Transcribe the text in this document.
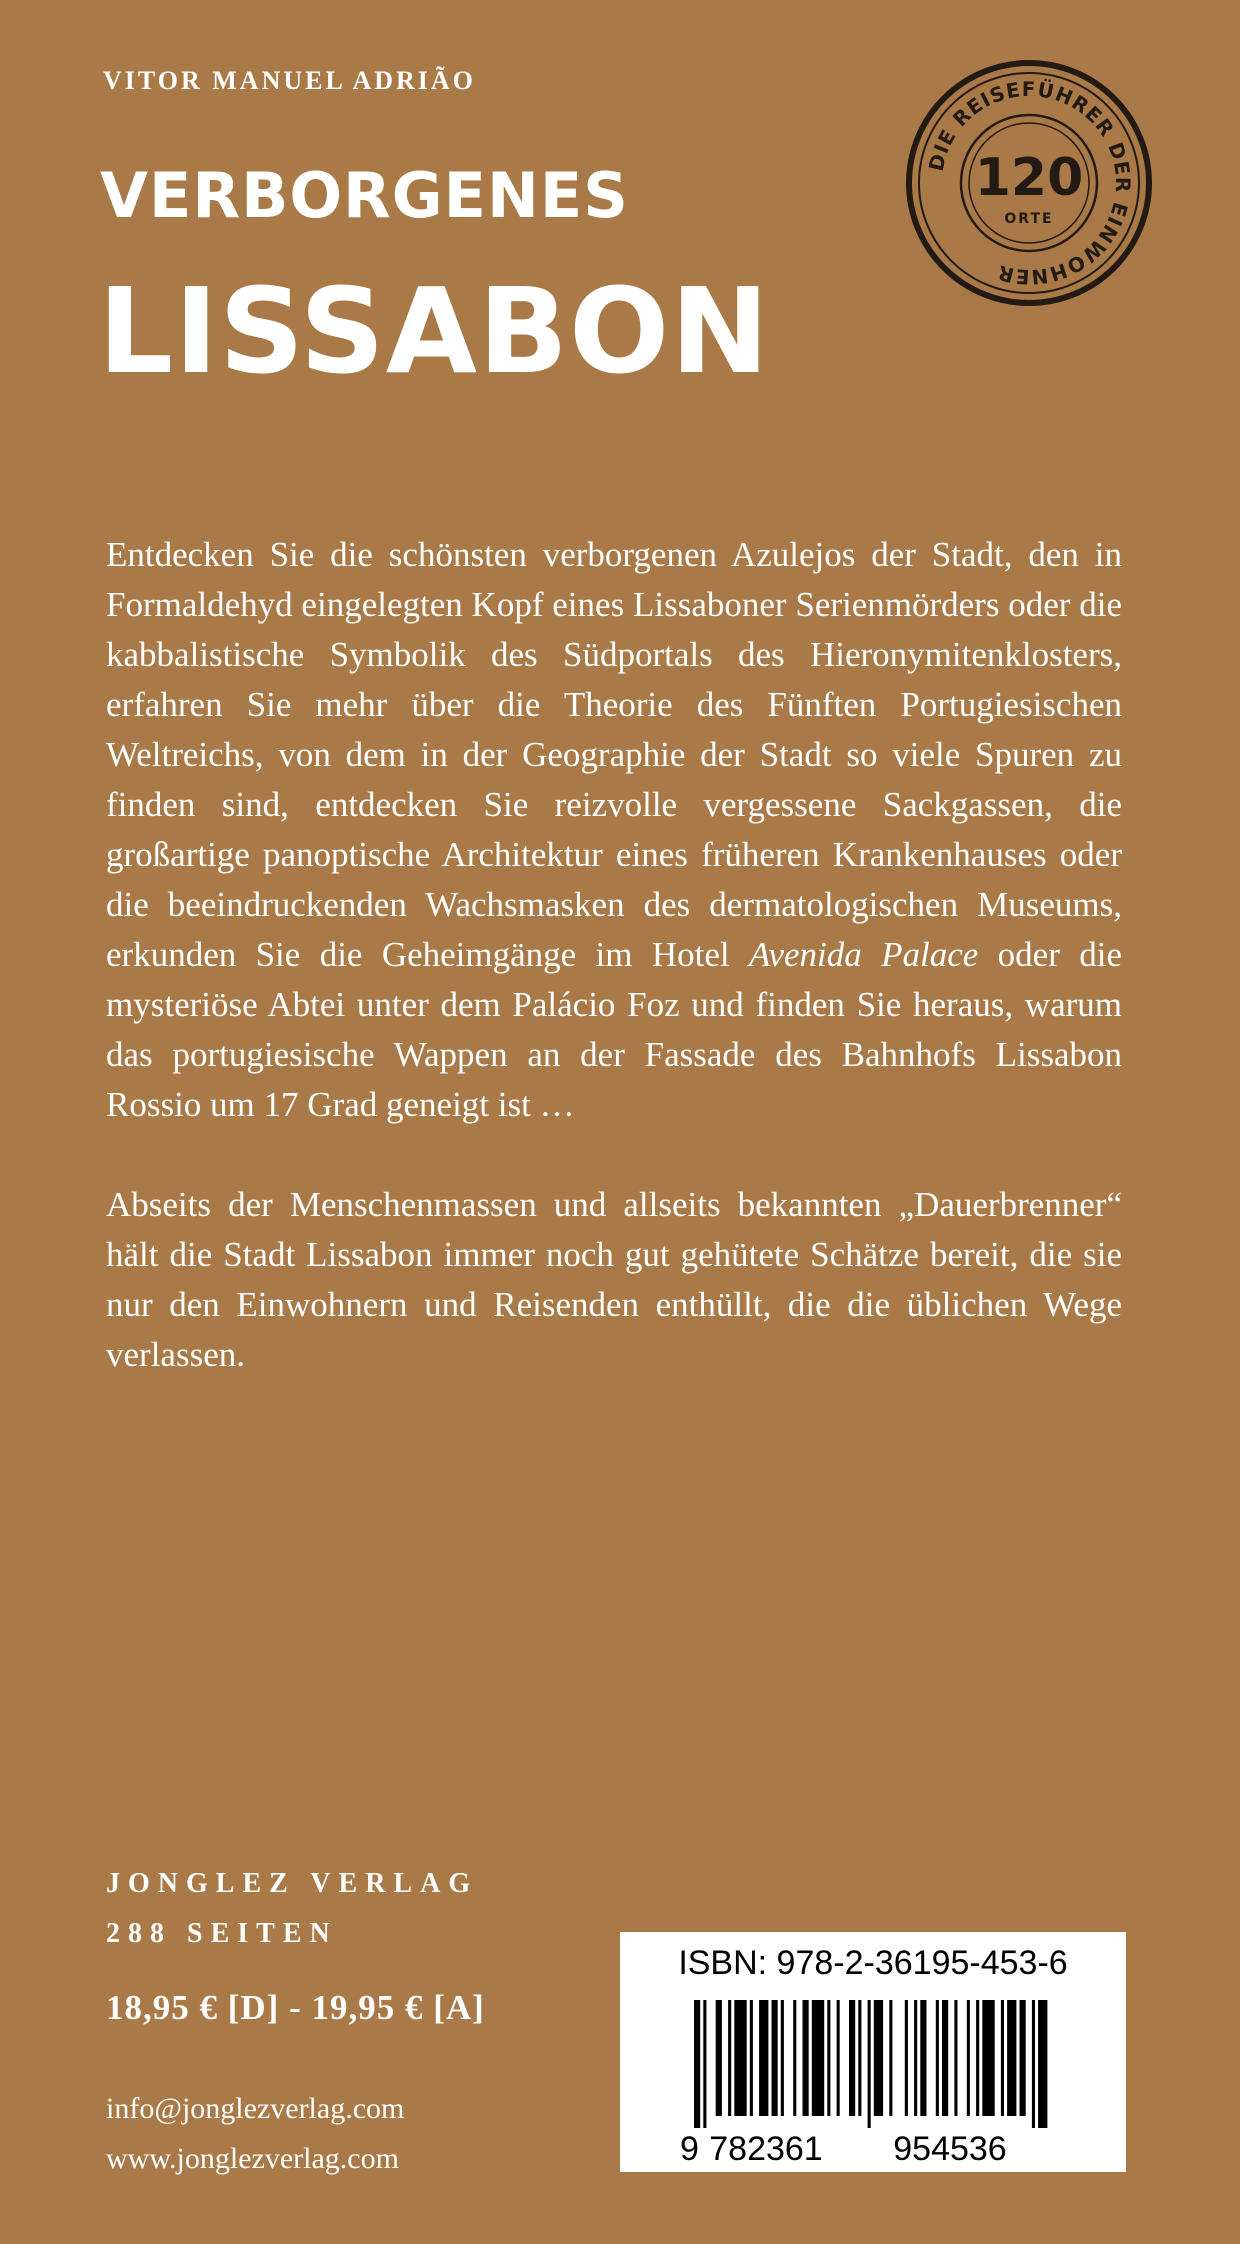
VITOR MANUEL ADRIÃO
VERBORGENES
LISSABON
DIE REISEFÜHRER DER EINWOHNER
120
ORTE

Entdecken Sie die schönsten verborgenen Azulejos der Stadt, den in Formaldehyd eingelegten Kopf eines Lissaboner Serienmörders oder die kabbalistische Symbolik des Südportals des Hieronymitenklosters, erfahren Sie mehr über die Theorie des Fünften Portugiesischen Weltreichs, von dem in der Geographie der Stadt so viele Spuren zu finden sind, entdecken Sie reizvolle vergessene Sackgassen, die großartige panoptische Architektur eines früheren Krankenhauses oder die beeindruckenden Wachsmasken des dermatologischen Museums, erkunden Sie die Geheimgänge im Hotel Avenida Palace oder die mysteriöse Abtei unter dem Palácio Foz und finden Sie heraus, warum das portugiesische Wappen an der Fassade des Bahnhofs Lissabon Rossio um 17 Grad geneigt ist …

Abseits der Menschenmassen und allseits bekannten „Dauerbrenner“ hält die Stadt Lissabon immer noch gut gehütete Schätze bereit, die sie nur den Einwohnern und Reisenden enthüllt, die die üblichen Wege verlassen.

JONGLEZ VERLAG
288 SEITEN
18,95 € [D] - 19,95 € [A]
info@jonglezverlag.com
www.jonglezverlag.com
ISBN: 978-2-36195-453-6
9 782361 954536
